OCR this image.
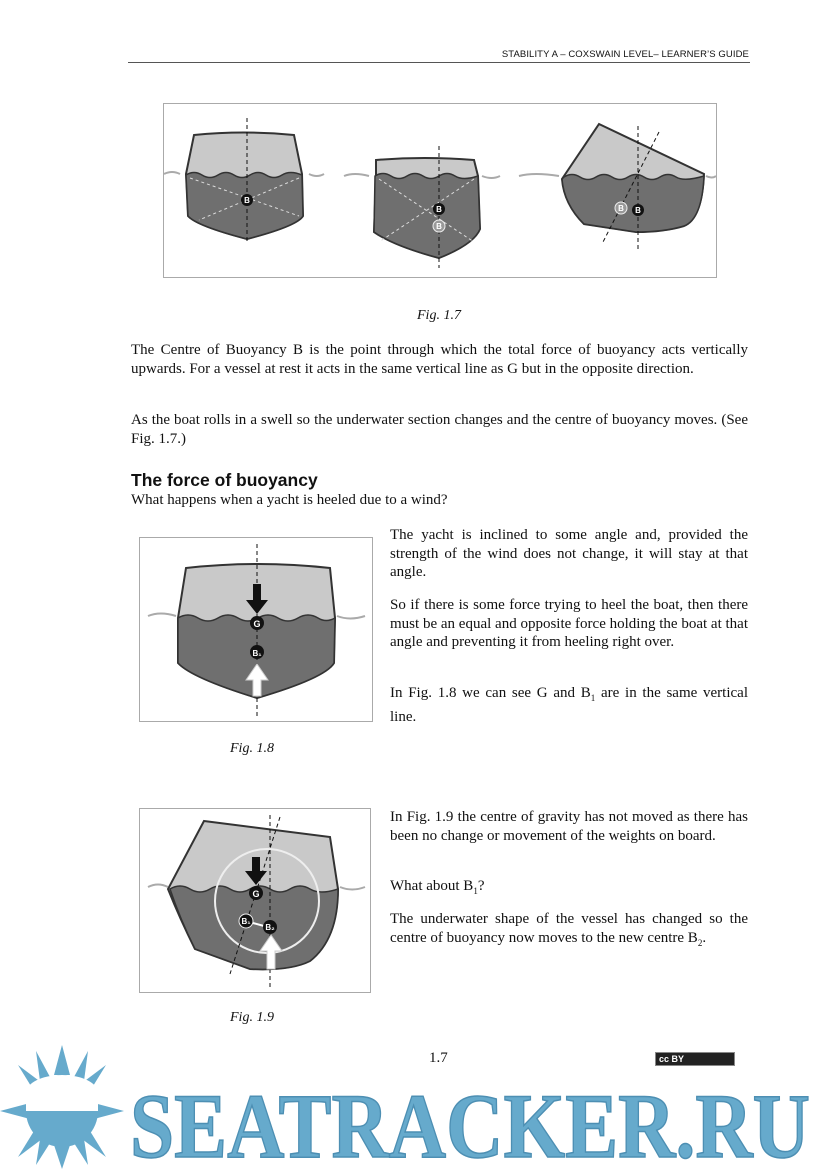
STABILITY A – COXSWAIN LEVEL– LEARNER’S GUIDE
B
B
B
B B
Fig. 1.7

The Centre of Buoyancy B is the point through which the total force of buoyancy acts vertically upwards. For a vessel at rest it acts in the same vertical line as G but in the opposite direction.

As the boat rolls in a swell so the underwater section changes and the centre of buoyancy moves. (See Fig. 1.7.)

The force of buoyancy

What happens when a yacht is heeled due to a wind?

G
B₁
Fig. 1.8

The yacht is inclined to some angle and, provided the strength of the wind does not change, it will stay at that angle.

So if there is some force trying to heel the boat, then there must be an equal and opposite force holding the boat at that angle and preventing it from heeling right over.

In Fig. 1.8 we can see G and $B_1$ are in the same vertical line.

G
B₁
B₂
Fig. 1.9

In Fig. 1.9 the centre of gravity has not moved as there has been no change or movement of the weights on board.

What about $B_1$?

The underwater shape of the vessel has changed so the centre of buoyancy now moves to the new centre $B_2$.

SEATRACKER.RU
1.7	cc BY
